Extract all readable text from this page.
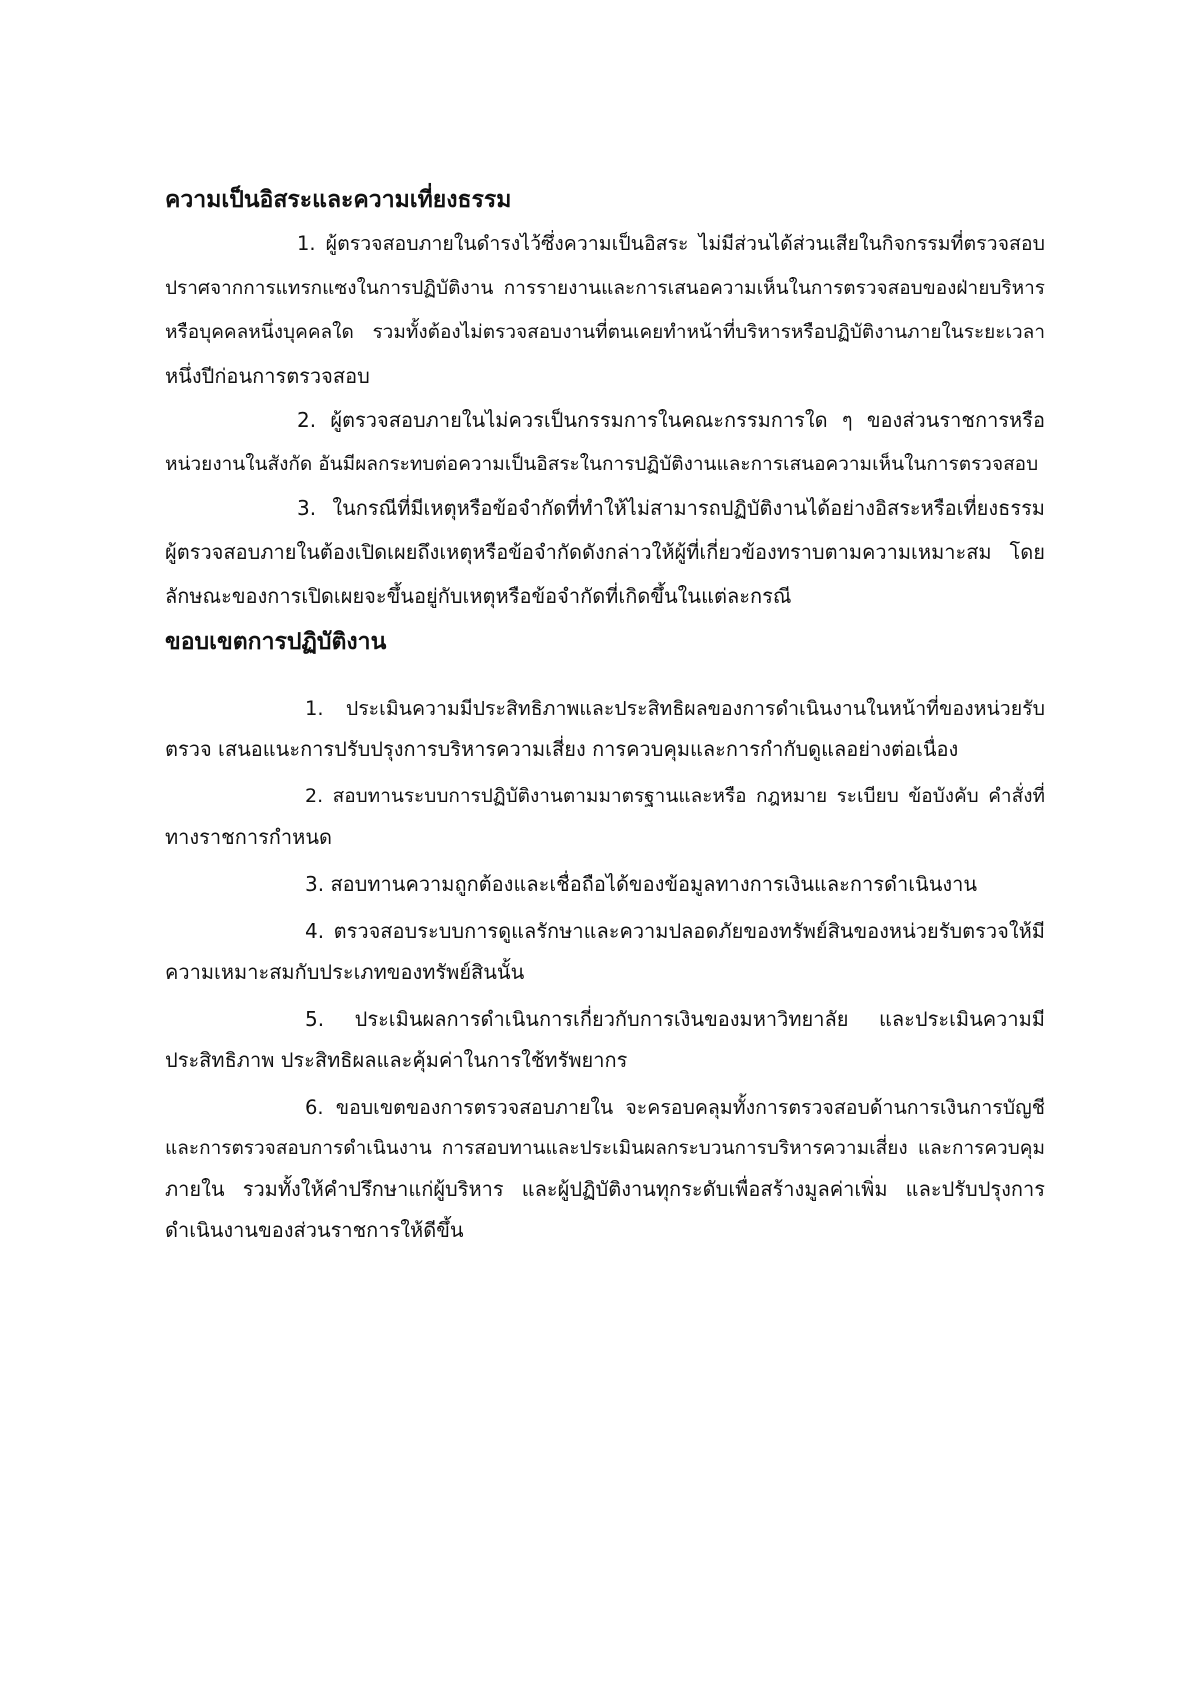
ความเป็นอิสระและความเที่ยงธรรม
1. ผู้ตรวจสอบภายในดำรงไว้ซึ่งความเป็นอิสระ ไม่มีส่วนได้ส่วนเสียในกิจกรรมที่ตรวจสอบ
ปราศจากการแทรกแซงในการปฏิบัติงาน การรายงานและการเสนอความเห็นในการตรวจสอบของฝ่ายบริหาร
หรือบุคคลหนึ่งบุคคลใด รวมทั้งต้องไม่ตรวจสอบงานที่ตนเคยทำหน้าที่บริหารหรือปฏิบัติงานภายในระยะเวลา
หนึ่งปีก่อนการตรวจสอบ
2. ผู้ตรวจสอบภายในไม่ควรเป็นกรรมการในคณะกรรมการใด ๆ ของส่วนราชการหรือ
หน่วยงานในสังกัด อันมีผลกระทบต่อความเป็นอิสระในการปฏิบัติงานและการเสนอความเห็นในการตรวจสอบ
3. ในกรณีที่มีเหตุหรือข้อจำกัดที่ทำให้ไม่สามารถปฏิบัติงานได้อย่างอิสระหรือเที่ยงธรรม
ผู้ตรวจสอบภายในต้องเปิดเผยถึงเหตุหรือข้อจำกัดดังกล่าวให้ผู้ที่เกี่ยวข้องทราบตามความเหมาะสม โดย
ลักษณะของการเปิดเผยจะขึ้นอยู่กับเหตุหรือข้อจำกัดที่เกิดขึ้นในแต่ละกรณี
ขอบเขตการปฏิบัติงาน
1. ประเมินความมีประสิทธิภาพและประสิทธิผลของการดำเนินงานในหน้าที่ของหน่วยรับ
ตรวจ เสนอแนะการปรับปรุงการบริหารความเสี่ยง การควบคุมและการกำกับดูแลอย่างต่อเนื่อง
2. สอบทานระบบการปฏิบัติงานตามมาตรฐานและหรือ กฎหมาย ระเบียบ ข้อบังคับ คำสั่งที่
ทางราชการกำหนด
3. สอบทานความถูกต้องและเชื่อถือได้ของข้อมูลทางการเงินและการดำเนินงาน
4. ตรวจสอบระบบการดูแลรักษาและความปลอดภัยของทรัพย์สินของหน่วยรับตรวจให้มี
ความเหมาะสมกับประเภทของทรัพย์สินนั้น
5. ประเมินผลการดำเนินการเกี่ยวกับการเงินของมหาวิทยาลัย และประเมินความมี
ประสิทธิภาพ ประสิทธิผลและคุ้มค่าในการใช้ทรัพยากร
6. ขอบเขตของการตรวจสอบภายใน จะครอบคลุมทั้งการตรวจสอบด้านการเงินการบัญชี
และการตรวจสอบการดำเนินงาน การสอบทานและประเมินผลกระบวนการบริหารความเสี่ยง และการควบคุม
ภายใน รวมทั้งให้คำปรึกษาแก่ผู้บริหาร และผู้ปฏิบัติงานทุกระดับเพื่อสร้างมูลค่าเพิ่ม และปรับปรุงการ
ดำเนินงานของส่วนราชการให้ดีขึ้น
